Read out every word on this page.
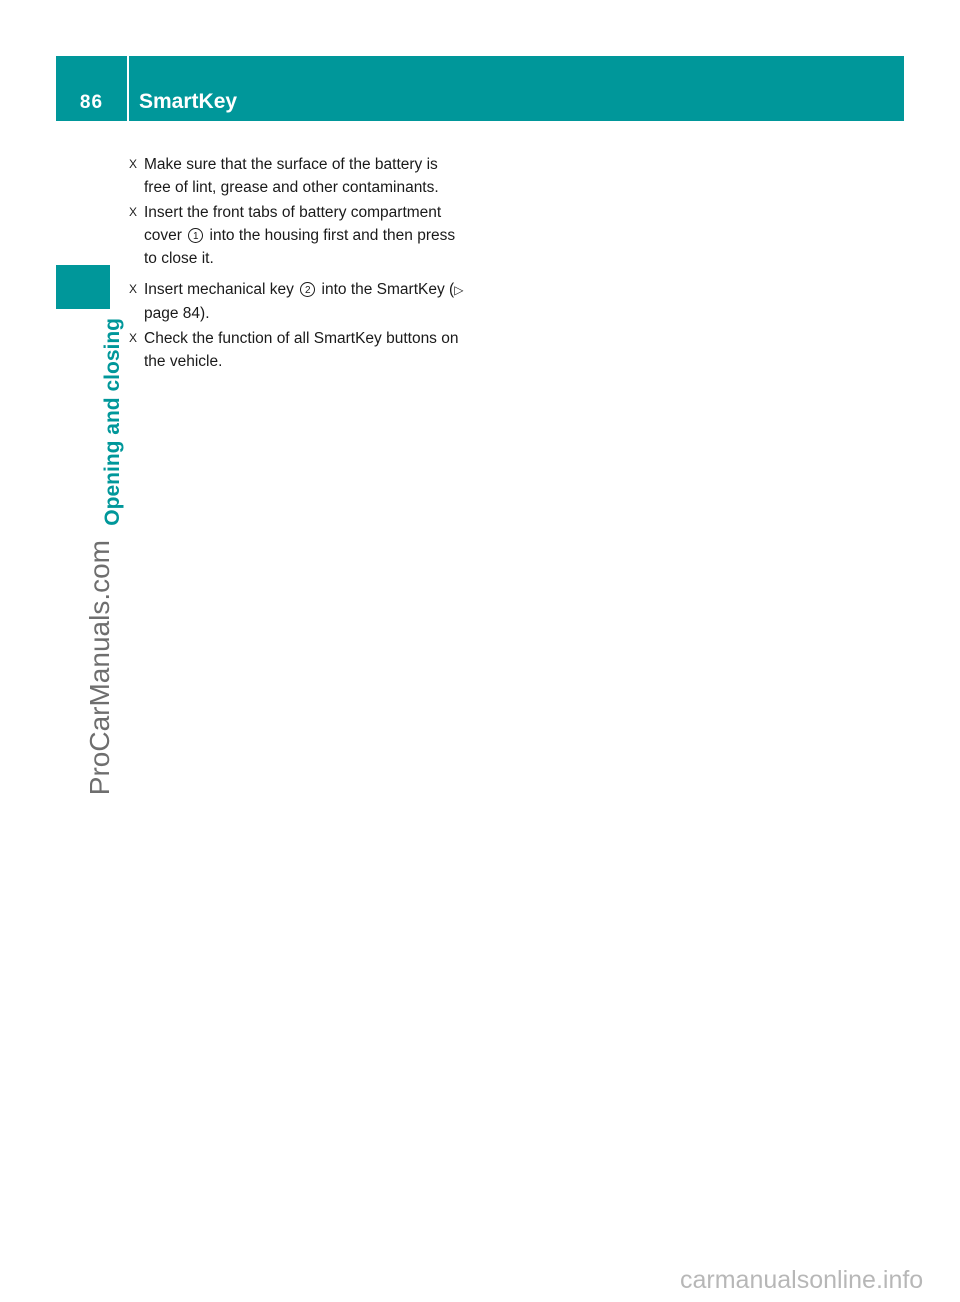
86	SmartKey
Opening and closing
ProCarManuals.com
X Make sure that the surface of the battery is free of lint, grease and other contaminants.
X Insert the front tabs of battery compartment cover 1 into the housing first and then press to close it.
X Insert mechanical key 2 into the SmartKey (▷ page 84).
X Check the function of all SmartKey buttons on the vehicle.
carmanualsonline.info
